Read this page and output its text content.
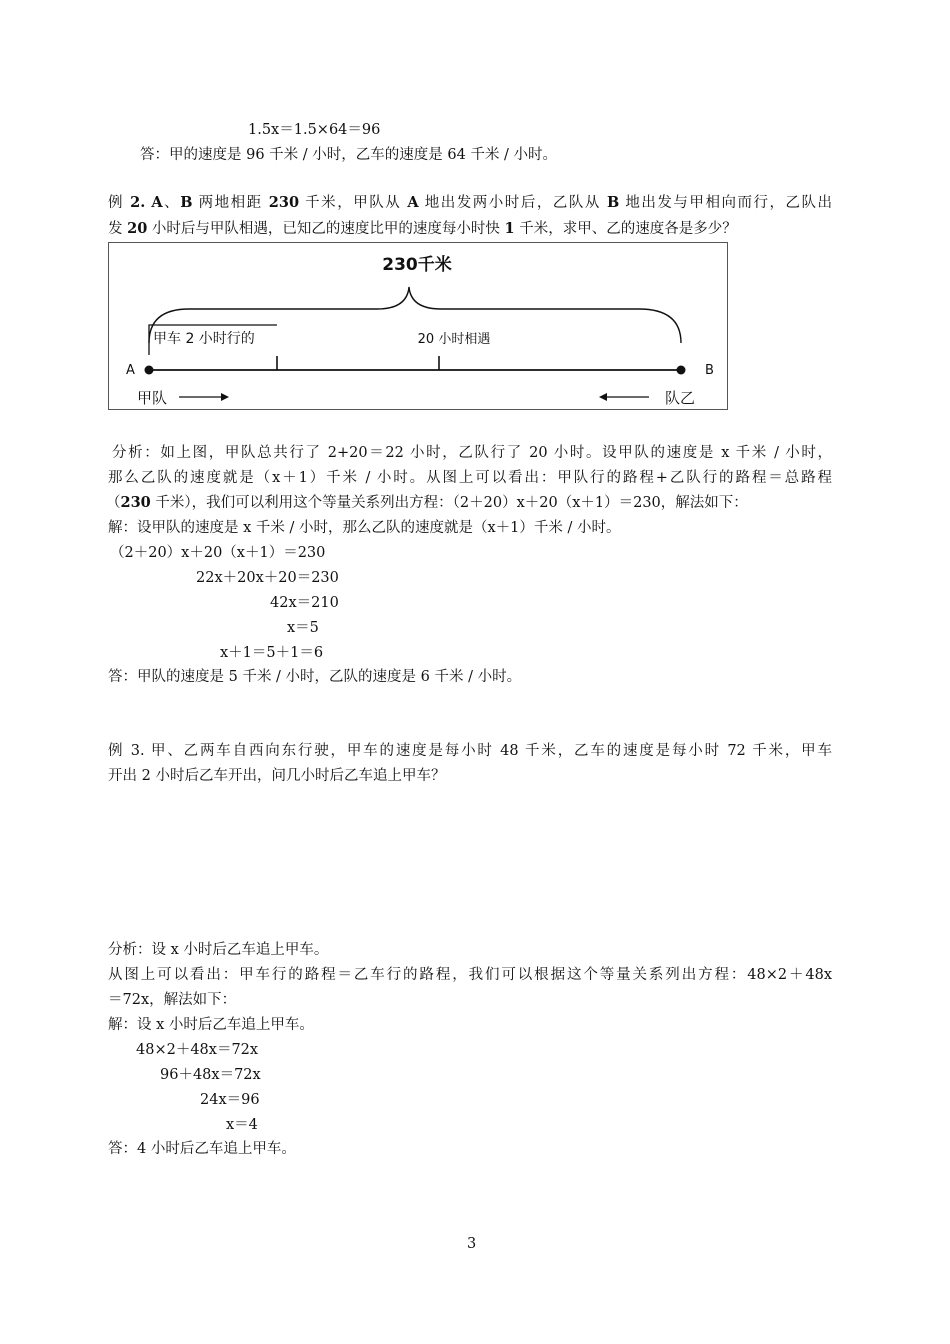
1.5x＝1.5×64＝96
答：甲的速度是 96 千米 / 小时，乙车的速度是 64 千米 / 小时。
例 2. A、B 两地相距 230 千米，甲队从 A 地出发两小时后，乙队从 B 地出发与甲相向而行，乙队出
发 20 小时后与甲队相遇，已知乙的速度比甲的速度每小时快 1 千米，求甲、乙的速度各是多少？
230千米
甲车 2 小时行的	20 小时相遇
A	B
甲队	队乙
分析：如上图，甲队总共行了 2+20＝22 小时，乙队行了 20 小时。设甲队的速度是 x 千米 / 小时，
那么乙队的速度就是（x＋1）千米 / 小时。从图上可以看出：甲队行的路程+乙队行的路程＝总路程
（230 千米），我们可以利用这个等量关系列出方程：（2＋20）x＋20（x＋1）＝230，解法如下：
解：设甲队的速度是 x 千米 / 小时，那么乙队的速度就是（x＋1）千米 / 小时。
（2＋20）x＋20（x＋1）＝230
22x＋20x＋20＝230
42x＝210
x＝5
x＋1＝5＋1＝6
答：甲队的速度是 5 千米 / 小时，乙队的速度是 6 千米 / 小时。
例 3. 甲、乙两车自西向东行驶，甲车的速度是每小时 48 千米，乙车的速度是每小时 72 千米，甲车
开出 2 小时后乙车开出，问几小时后乙车追上甲车？
分析：设 x 小时后乙车追上甲车。
从图上可以看出：甲车行的路程＝乙车行的路程，我们可以根据这个等量关系列出方程：48×2＋48x
＝72x，解法如下：
解：设 x 小时后乙车追上甲车。
48×2＋48x＝72x
96＋48x＝72x
24x＝96
x＝4
答：4 小时后乙车追上甲车。
3
